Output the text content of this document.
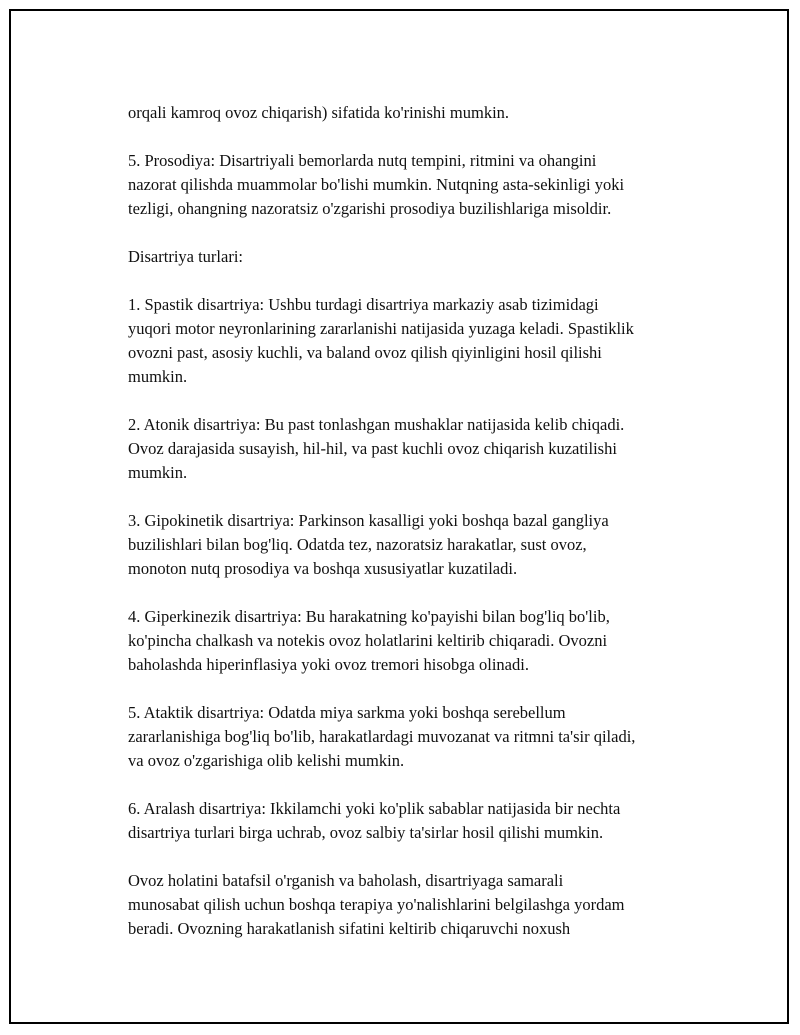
orqali kamroq ovoz chiqarish) sifatida ko'rinishi mumkin.

5. Prosodiya: Disartriyali bemorlarda nutq tempini, ritmini va ohangini
nazorat qilishda muammolar bo'lishi mumkin. Nutqning asta-sekinligi yoki
tezligi, ohangning nazoratsiz o'zgarishi prosodiya buzilishlariga misoldir.

Disartriya turlari:

1. Spastik disartriya: Ushbu turdagi disartriya markaziy asab tizimidagi
yuqori motor neyronlarining zararlanishi natijasida yuzaga keladi. Spastiklik
ovozni past, asosiy kuchli, va baland ovoz qilish qiyinligini hosil qilishi
mumkin.

2. Atonik disartriya: Bu past tonlashgan mushaklar natijasida kelib chiqadi.
Ovoz darajasida susayish, hil-hil, va past kuchli ovoz chiqarish kuzatilishi
mumkin.

3. Gipokinetik disartriya: Parkinson kasalligi yoki boshqa bazal gangliya
buzilishlari bilan bog'liq. Odatda tez, nazoratsiz harakatlar, sust ovoz,
monoton nutq prosodiya va boshqa xususiyatlar kuzatiladi.

4. Giperkinezik disartriya: Bu harakatning ko'payishi bilan bog'liq bo'lib,
ko'pincha chalkash va notekis ovoz holatlarini keltirib chiqaradi. Ovozni
baholashda hiperinflasiya yoki ovoz tremori hisobga olinadi.

5. Ataktik disartriya: Odatda miya sarkma yoki boshqa serebellum
zararlanishiga bog'liq bo'lib, harakatlardagi muvozanat va ritmni ta'sir qiladi,
va ovoz o'zgarishiga olib kelishi mumkin.

6. Aralash disartriya: Ikkilamchi yoki ko'plik sabablar natijasida bir nechta
disartriya turlari birga uchrab, ovoz salbiy ta'sirlar hosil qilishi mumkin.

Ovoz holatini batafsil o'rganish va baholash, disartriyaga samarali
munosabat qilish uchun boshqa terapiya yo'nalishlarini belgilashga yordam
beradi. Ovozning harakatlanish sifatini keltirib chiqaruvchi noxush
